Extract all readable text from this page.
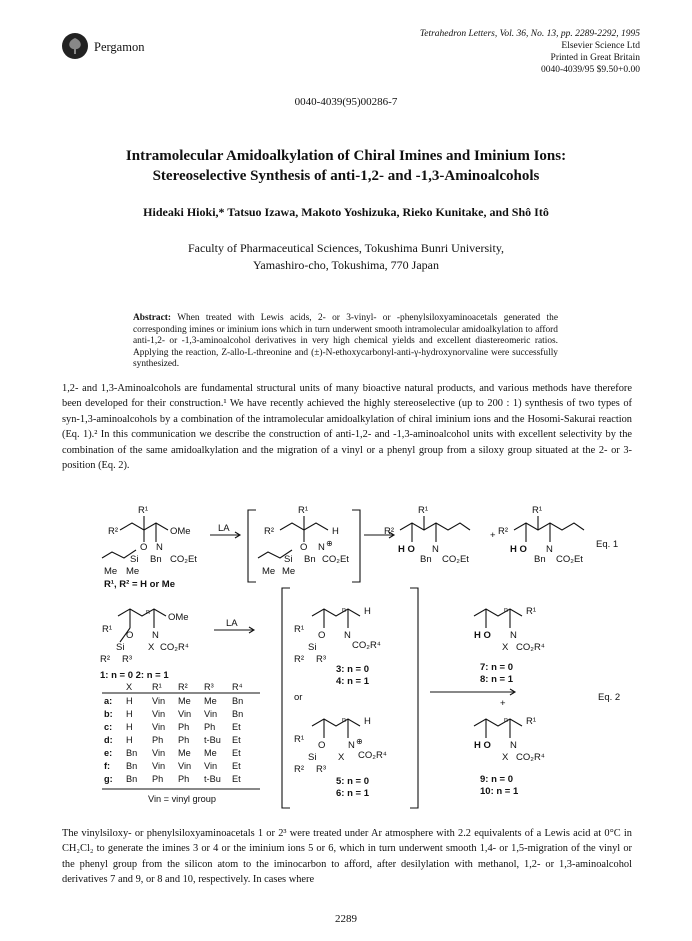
Pergamon
Tetrahedron Letters, Vol. 36, No. 13, pp. 2289-2292, 1995
Elsevier Science Ltd
Printed in Great Britain
0040-4039/95 $9.50+0.00
0040-4039(95)00286-7
Intramolecular Amidoalkylation of Chiral Imines and Iminium Ions:
Stereoselective Synthesis of anti-1,2- and -1,3-Aminoalcohols
Hideaki Hioki,* Tatsuo Izawa, Makoto Yoshizuka, Rieko Kunitake, and Shô Itô
Faculty of Pharmaceutical Sciences, Tokushima Bunri University,
Yamashiro-cho, Tokushima, 770 Japan
Abstract: When treated with Lewis acids, 2- or 3-vinyl- or -phenylsiloxyaminoacetals generated the corresponding imines or iminium ions which in turn underwent smooth intramolecular amidoalkylation to afford anti-1,2- or -1,3-aminoalcohol derivatives in very high chemical yields and excellent diastereomeric ratios. Applying the reaction, Z-allo-L-threonine and (±)-N-ethoxycarbonyl-anti-γ-hydroxynorvaline were successfully synthesized.
1,2- and 1,3-Aminoalcohols are fundamental structural units of many bioactive natural products, and various methods have therefore been developed for their construction.¹ We have recently achieved the highly stereoselective (up to 200 : 1) synthesis of two types of syn-1,3-aminoalcohols by a combination of the intramolecular amidoalkylation of chiral iminium ions and the Hosomi-Sakurai reaction (Eq. 1).² In this communication we describe the construction of anti-1,2- and -1,3-aminoalcohol units with excellent selectivity by the combination of the same amidoalkylation and the migration of a vinyl or a phenyl group from a siloxy group situated at the 2- or 3-position (Eq. 2).
R¹
R²	OMe
O N
Si Bn CO₂Et
Me Me
R¹, R² = H or Me
LA
R¹
R²	H
O N ⊕
Si Bn CO₂Et
Me Me
R¹
R²
H O N
Bn CO₂Et
+
R¹
R²
H O N
Bn CO₂Et
Eq. 1
OMe
n
R¹
O N
Si X CO₂R⁴
R² R³
1: n = 0 2: n = 1
LA
H
n
R¹
O N
Si	CO₂R⁴
R² R³
3: n = 0
4: n = 1
or
H
n
R¹
O N ⊕
Si X CO₂R⁴
R² R³
5: n = 0
6: n = 1
R¹
n
H O
X
N
CO₂R⁴
7: n = 0
8: n = 1
+
Eq. 2
R¹
n
H O
X
N
CO₂R⁴
9: n = 0
10: n = 1
X R¹ R² R³ R⁴
a: H Vin Me Me Bn
b: H Vin Vin Vin Bn
c: H Vin Ph Ph Et
d: H Ph Ph t-Bu Et
e: Bn Vin Me Me Et
f: Bn Vin Vin Vin Et
g: Bn Ph Ph t-Bu Et
Vin = vinyl group
The vinylsiloxy- or phenylsiloxyaminoacetals 1 or 2³ were treated under Ar atmosphere with 2.2 equivalents of a Lewis acid at 0°C in CH₂Cl₂ to generate the imines 3 or 4 or the iminium ions 5 or 6, which in turn underwent smooth 1,4- or 1,5-migration of the vinyl or the phenyl group from the silicon atom to the iminocarbon to afford, after desilylation with methanol, 1,2- or 1,3-aminoalcohol derivatives 7 and 9, or 8 and 10, respectively. In cases where
2289
